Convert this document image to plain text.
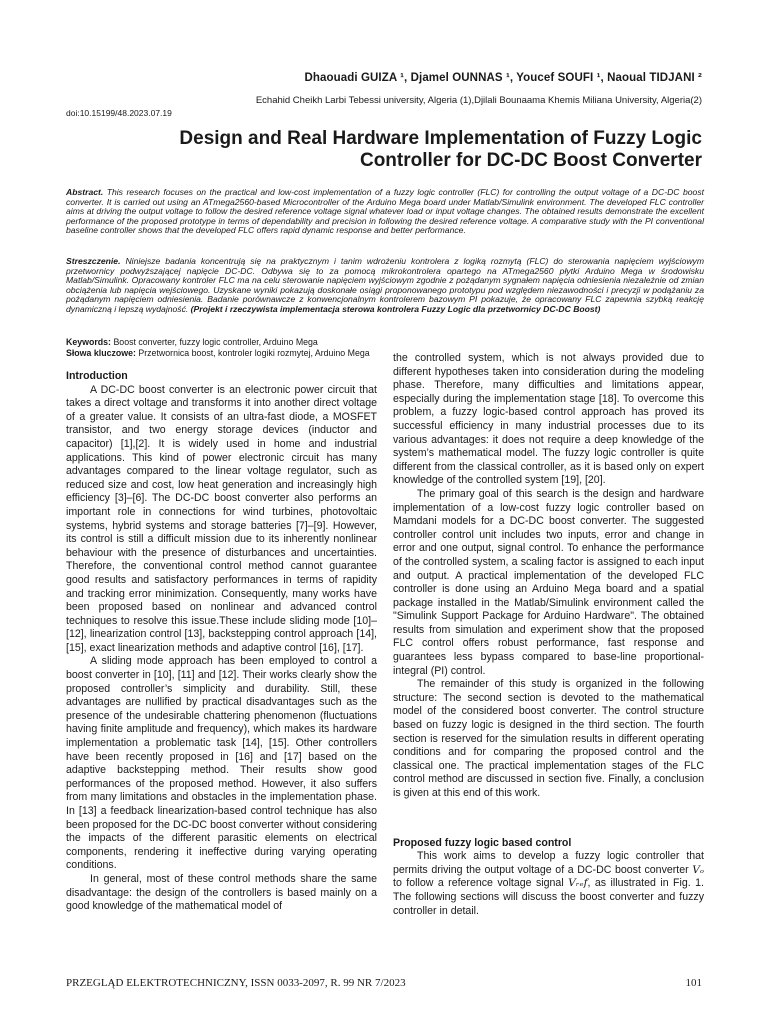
Dhaouadi GUIZA ¹, Djamel OUNNAS ¹, Youcef SOUFI ¹, Naoual TIDJANI ²
Echahid Cheikh Larbi Tebessi university, Algeria (1),Djilali Bounaama Khemis Miliana University, Algeria(2)
doi:10.15199/48.2023.07.19
Design and Real Hardware Implementation of Fuzzy Logic
Controller for DC-DC Boost Converter
Abstract. This research focuses on the practical and low-cost implementation of a fuzzy logic controller (FLC) for controlling the output voltage of a DC-DC boost converter. It is carried out using an ATmega2560-based Microcontroller of the Arduino Mega board under Matlab/Simulink environment. The developed FLC controller aims at driving the output voltage to follow the desired reference voltage signal whatever load or input voltage changes. The obtained results demonstrate the excellent performance of the proposed prototype in terms of dependability and precision in following the desired reference voltage. A comparative study with the PI conventional baseline controller shows that the developed FLC offers rapid dynamic response and better performance.
Streszczenie. Niniejsze badania koncentrują się na praktycznym i tanim wdrożeniu kontrolera z logiką rozmytą (FLC) do sterowania napięciem wyjściowym przetwornicy podwyższającej napięcie DC-DC. Odbywa się to za pomocą mikrokontrolera opartego na ATmega2560 płytki Arduino Mega w środowisku Matlab/Simulink. Opracowany kontroler FLC ma na celu sterowanie napięciem wyjściowym zgodnie z pożądanym sygnałem napięcia odniesienia niezależnie od zmian obciążenia lub napięcia wejściowego. Uzyskane wyniki pokazują doskonałe osiągi proponowanego prototypu pod względem niezawodności i precyzji w podążaniu za pożądanym napięciem odniesienia. Badanie porównawcze z konwencjonalnym kontrolerem bazowym PI pokazuje, że opracowany FLC zapewnia szybką reakcję dynamiczną i lepszą wydajność. (Projekt i rzeczywista implementacja sterowa kontrolera Fuzzy Logic dla przetwornicy DC-DC Boost)
Keywords: Boost converter, fuzzy logic controller, Arduino Mega
Słowa kluczowe: Przetwornica boost, kontroler logiki rozmytej, Arduino Mega
Introduction

A DC-DC boost converter is an electronic power circuit that takes a direct voltage and transforms it into another direct voltage of a greater value. It consists of an ultra-fast diode, a MOSFET transistor, and two energy storage devices (inductor and capacitor) [1],[2]. It is widely used in home and industrial applications. This kind of power electronic circuit has many advantages compared to the linear voltage regulator, such as reduced size and cost, low heat generation and increasingly high efficiency [3]–[6]. The DC-DC boost converter also performs an important role in connections for wind turbines, photovoltaic systems, hybrid systems and storage batteries [7]–[9]. However, its control is still a difficult mission due to its inherently nonlinear behaviour with the presence of disturbances and uncertainties. Therefore, the conventional control method cannot guarantee good results and satisfactory performances in terms of rapidity and tracking error minimization. Consequently, many works have been proposed based on nonlinear and advanced control techniques to resolve this issue.These include sliding mode [10]–[12], linearization control [13], backstepping control approach [14],[15], exact linearization methods and adaptive control [16], [17].

A sliding mode approach has been employed to control a boost converter in [10], [11] and [12]. Their works clearly show the proposed controller’s simplicity and durability. Still, these advantages are nullified by practical disadvantages such as the presence of the undesirable chattering phenomenon (fluctuations having finite amplitude and frequency), which makes its hardware implementation a problematic task [14], [15]. Other controllers have been recently proposed in [16] and [17] based on the adaptive backstepping method. Their results show good performances of the proposed method. However, it also suffers from many limitations and obstacles in the implementation phase. In [13] a feedback linearization-based control technique has also been proposed for the DC-DC boost converter without considering the impacts of the different parasitic elements on electrical components, rendering it ineffective during varying operating conditions.

In general, most of these control methods share the same disadvantage: the design of the controllers is based mainly on a good knowledge of the mathematical model of

the controlled system, which is not always provided due to different hypotheses taken into consideration during the modeling phase. Therefore, many difficulties and limitations appear, especially during the implementation stage [18]. To overcome this problem, a fuzzy logic-based control approach has proved its successful efficiency in many industrial processes due to its various advantages: it does not require a deep knowledge of the system’s mathematical model. The fuzzy logic controller is quite different from the classical controller, as it is based only on expert knowledge of the controlled system [19], [20].

The primary goal of this search is the design and hardware implementation of a low-cost fuzzy logic controller based on Mamdani models for a DC-DC boost converter. The suggested controller control unit includes two inputs, error and change in error and one output, signal control. To enhance the performance of the controlled system, a scaling factor is assigned to each input and output. A practical implementation of the developed FLC controller is done using an Arduino Mega board and a spatial package installed in the Matlab/Simulink environment called the "Simulink Support Package for Arduino Hardware". The obtained results from simulation and experiment show that the proposed FLC control offers robust performance, fast response and guarantees less bypass compared to base-line proportional-integral (PI) control.

The remainder of this study is organized in the following structure: The second section is devoted to the mathematical model of the considered boost converter. The control structure based on fuzzy logic is designed in the third section. The fourth section is reserved for the simulation results in different operating conditions and for comparing the proposed control and the classical one. The practical implementation stages of the FLC control method are discussed in section five. Finally, a conclusion is given at this end of this work.

Proposed fuzzy logic based control

This work aims to develop a fuzzy logic controller that permits driving the output voltage of a DC-DC boost converter Vₒ to follow a reference voltage signal Vᵣₑf, as illustrated in Fig. 1. The following sections will discuss the boost converter and fuzzy controller in detail.

PRZEGLĄD ELEKTROTECHNICZNY, ISSN 0033-2097, R. 99 NR 7/2023	101
